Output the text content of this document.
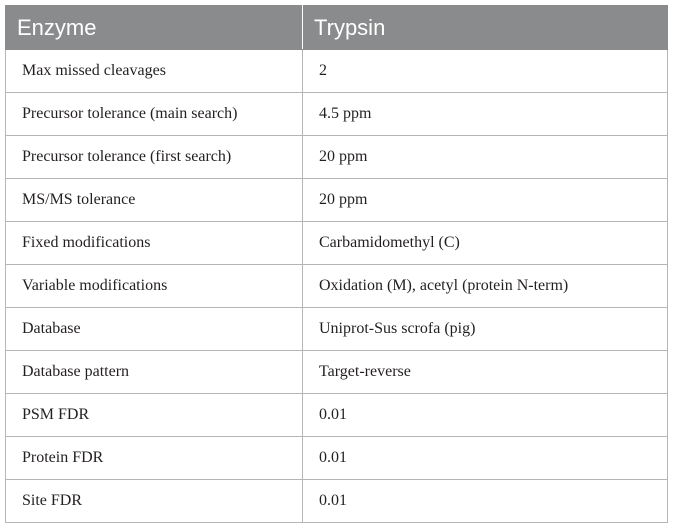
Enzyme	Trypsin
Max missed cleavages	2
Precursor tolerance (main search)	4.5 ppm
Precursor tolerance (first search)	20 ppm
MS/MS tolerance	20 ppm
Fixed modifications	Carbamidomethyl (C)
Variable modifications	Oxidation (M), acetyl (protein N-term)
Database	Uniprot-Sus scrofa (pig)
Database pattern	Target-reverse
PSM FDR	0.01
Protein FDR	0.01
Site FDR	0.01
